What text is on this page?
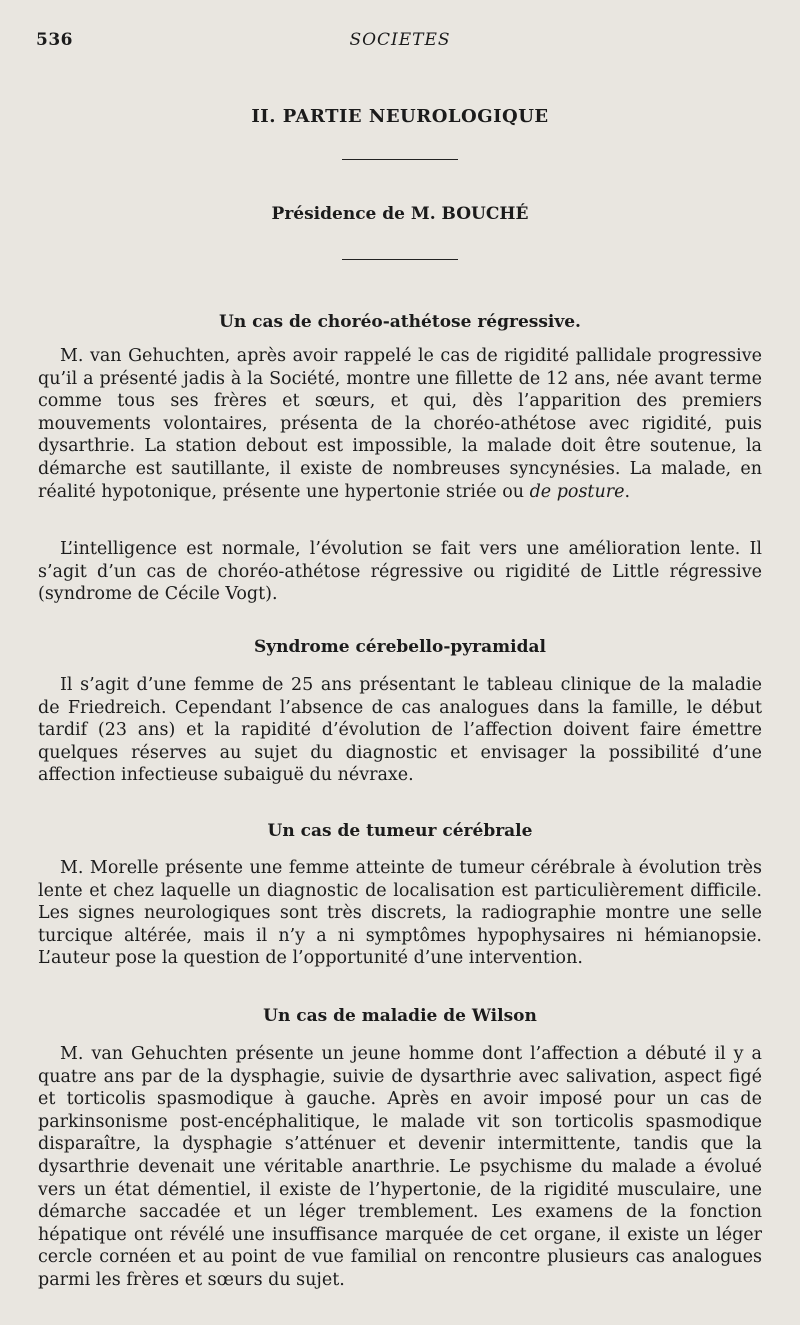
536	SOCIETES
II. PARTIE NEUROLOGIQUE
Présidence de M. BOUCHÉ
Un cas de choréo-athétose régressive.

M. van Gehuchten, après avoir rappelé le cas de rigidité pallidale progressive qu’il a présenté jadis à la Société, montre une fillette de 12 ans, née avant terme comme tous ses frères et sœurs, et qui, dès l’apparition des premiers mouvements volontaires, présenta de la choréo-athétose avec rigidité, puis dysarthrie. La station debout est impossible, la malade doit être soutenue, la démarche est sautillante, il existe de nombreuses syncynésies. La malade, en réalité hypotonique, présente une hypertonie striée ou de posture.

L’intelligence est normale, l’évolution se fait vers une amélioration lente. Il s’agit d’un cas de choréo-athétose régressive ou rigidité de Little régressive (syndrome de Cécile Vogt).

Syndrome cérebello-pyramidal

Il s’agit d’une femme de 25 ans présentant le tableau clinique de la maladie de Friedreich. Cependant l’absence de cas analogues dans la famille, le début tardif (23 ans) et la rapidité d’évolution de l’affection doivent faire émettre quelques réserves au sujet du diagnostic et envisager la possibilité d’une affection infectieuse subaiguë du névraxe.

Un cas de tumeur cérébrale

M. Morelle présente une femme atteinte de tumeur cérébrale à évolution très lente et chez laquelle un diagnostic de localisation est particulièrement difficile. Les signes neurologiques sont très discrets, la radiographie montre une selle turcique altérée, mais il n’y a ni symptômes hypophysaires ni hémianopsie. L’auteur pose la question de l’opportunité d’une intervention.

Un cas de maladie de Wilson

M. van Gehuchten présente un jeune homme dont l’affection a débuté il y a quatre ans par de la dysphagie, suivie de dysarthrie avec salivation, aspect figé et torticolis spasmodique à gauche. Après en avoir imposé pour un cas de parkinsonisme post-encéphalitique, le malade vit son torticolis spasmodique disparaître, la dysphagie s’atténuer et devenir intermittente, tandis que la dysarthrie devenait une véritable anarthrie. Le psychisme du malade a évolué vers un état démentiel, il existe de l’hypertonie, de la rigidité musculaire, une démarche saccadée et un léger tremblement. Les examens de la fonction hépatique ont révélé une insuffisance marquée de cet organe, il existe un léger cercle cornéen et au point de vue familial on rencontre plusieurs cas analogues parmi les frères et sœurs du sujet.
